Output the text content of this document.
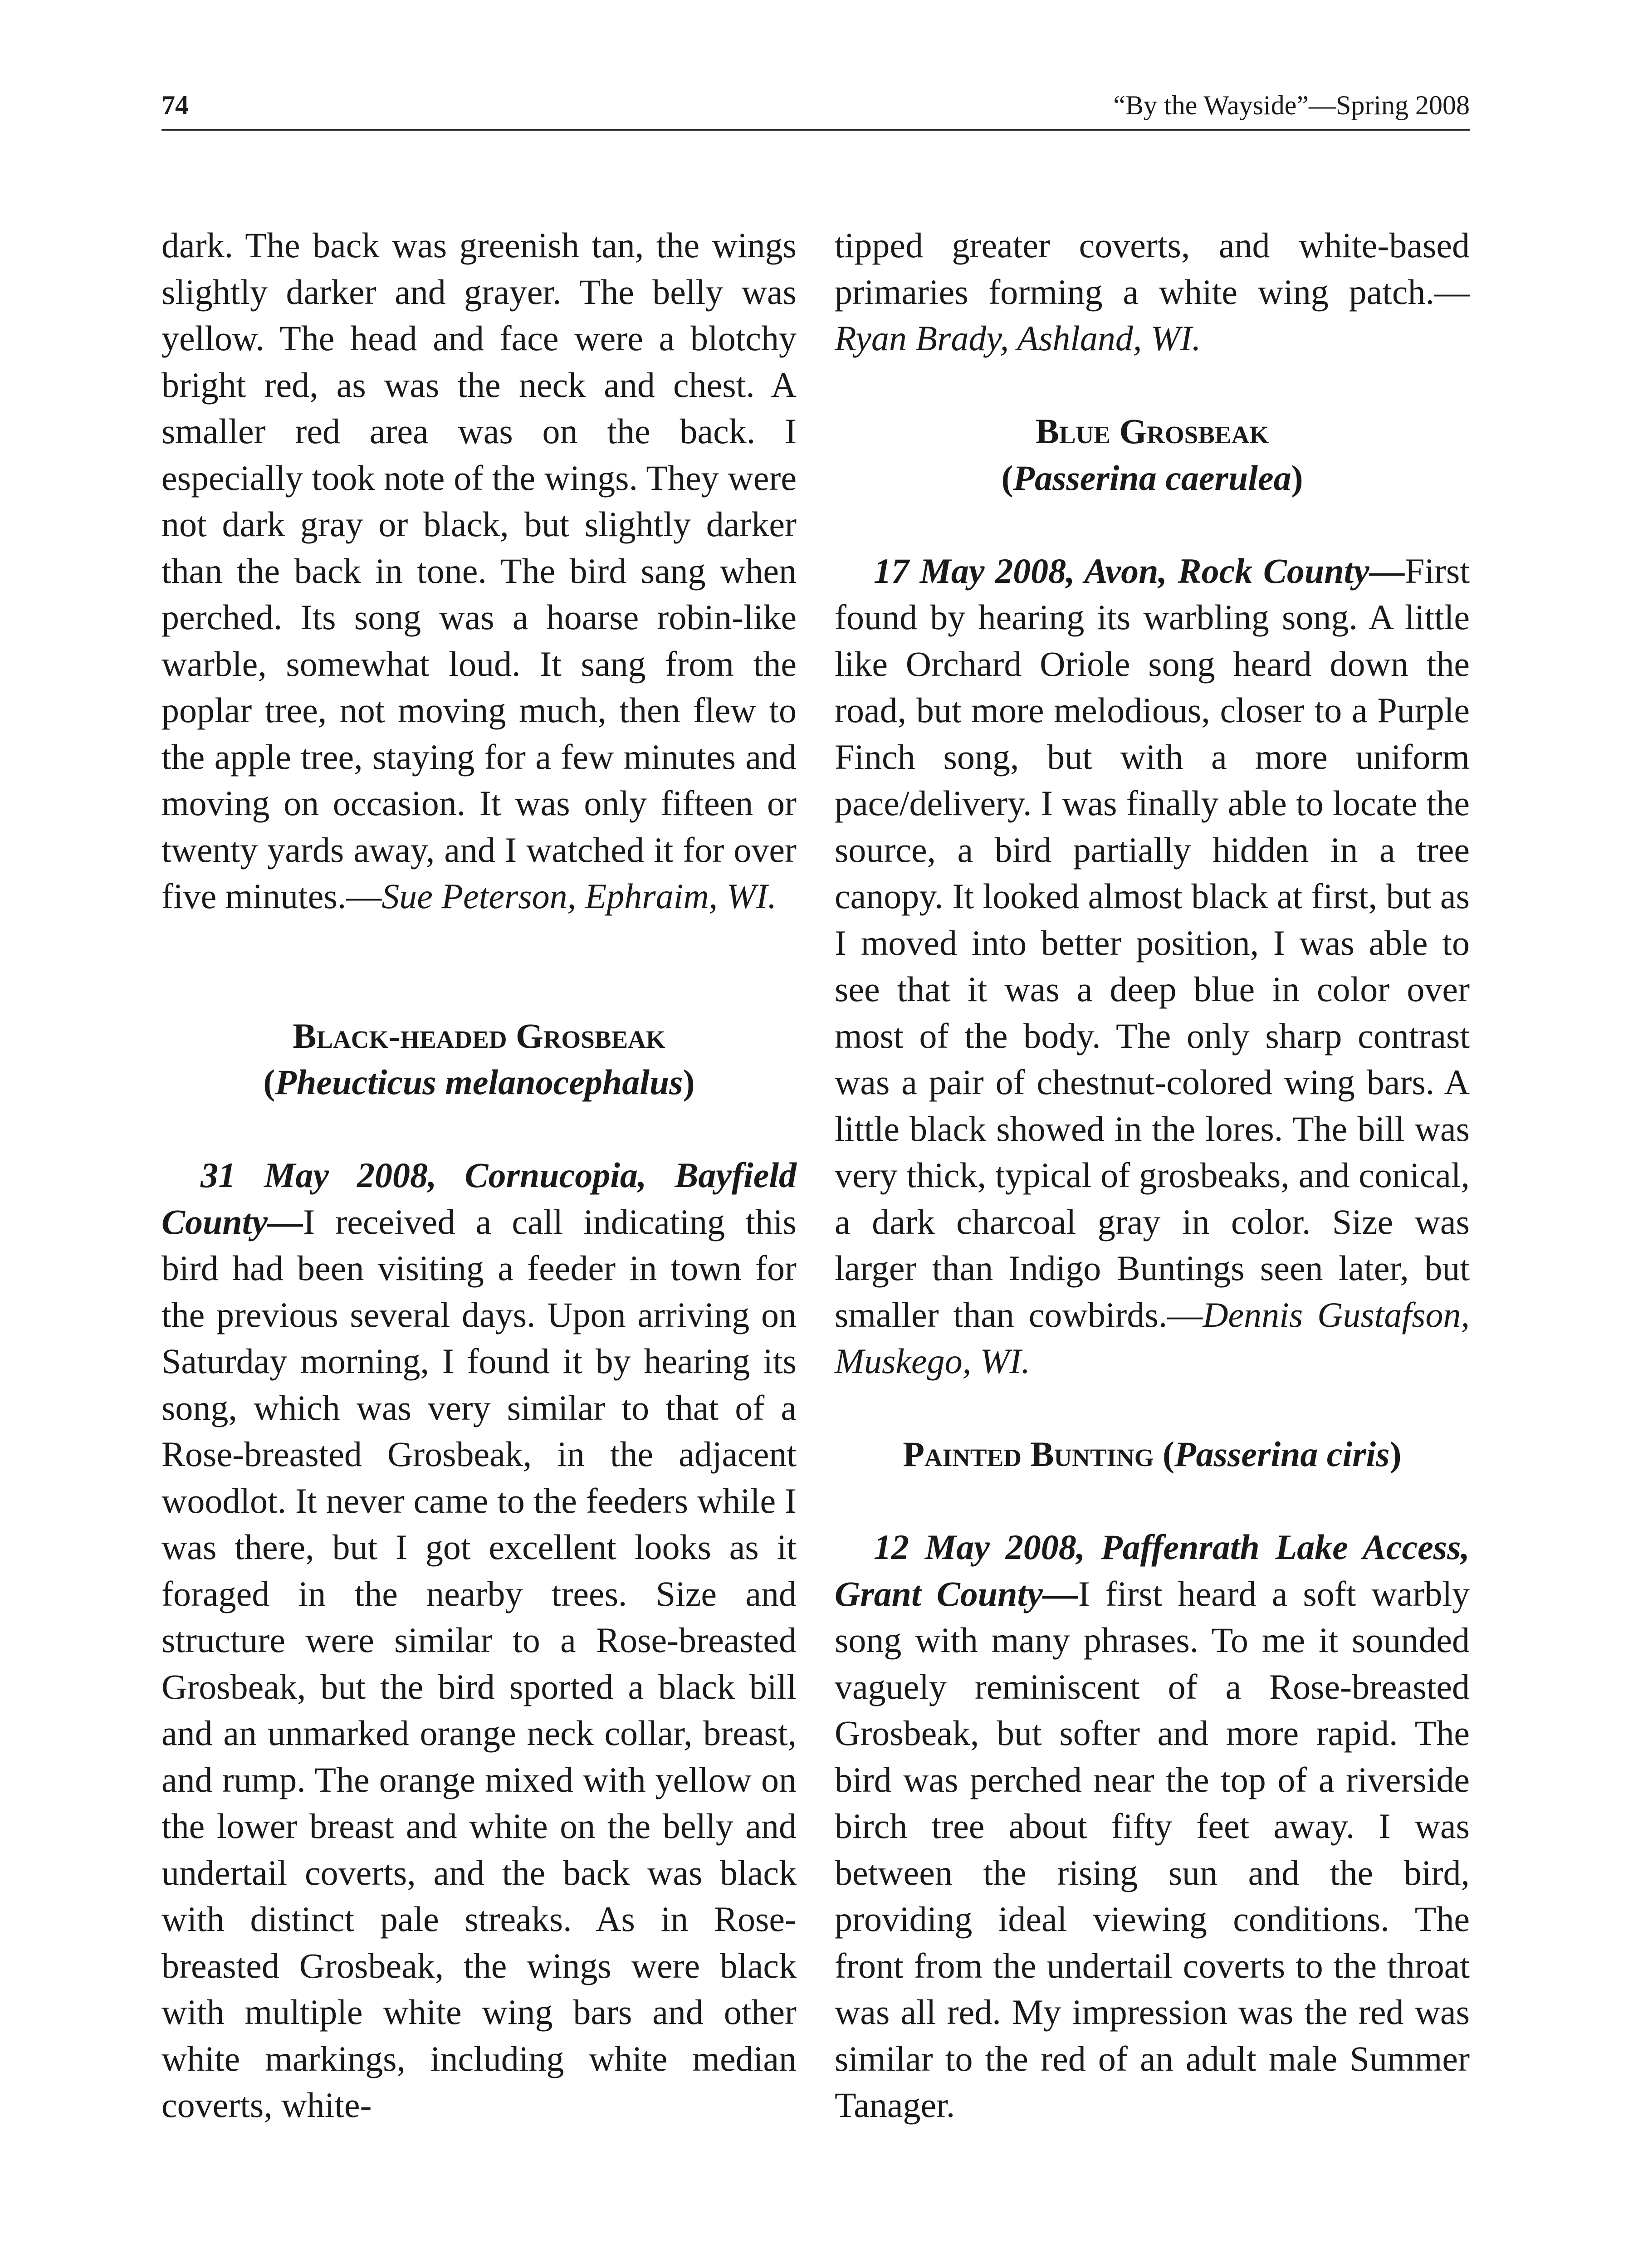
74	“By the Wayside”—Spring 2008

dark. The back was greenish tan, the wings slightly darker and grayer. The belly was yellow. The head and face were a blotchy bright red, as was the neck and chest. A smaller red area was on the back. I especially took note of the wings. They were not dark gray or black, but slightly darker than the back in tone. The bird sang when perched. Its song was a hoarse robin-like warble, somewhat loud. It sang from the poplar tree, not moving much, then flew to the apple tree, staying for a few minutes and moving on occasion. It was only fifteen or twenty yards away, and I watched it for over five minutes.—Sue Peterson, Ephraim, WI.

Black-headed Grosbeak

(Pheucticus melanocephalus)

31 May 2008, Cornucopia, Bayfield County—I received a call indicating this bird had been visiting a feeder in town for the previous several days. Upon arriving on Saturday morning, I found it by hearing its song, which was very similar to that of a Rose-breasted Grosbeak, in the adjacent woodlot. It never came to the feeders while I was there, but I got excellent looks as it foraged in the nearby trees. Size and structure were similar to a Rose-breasted Grosbeak, but the bird sported a black bill and an unmarked orange neck collar, breast, and rump. The orange mixed with yellow on the lower breast and white on the belly and undertail coverts, and the back was black with distinct pale streaks. As in Rose-breasted Grosbeak, the wings were black with multiple white wing bars and other white markings, including white median coverts, white-

tipped greater coverts, and white-based primaries forming a white wing patch.—Ryan Brady, Ashland, WI.

Blue Grosbeak

(Passerina caerulea)

17 May 2008, Avon, Rock County—First found by hearing its warbling song. A little like Orchard Oriole song heard down the road, but more melodious, closer to a Purple Finch song, but with a more uniform pace/delivery. I was finally able to locate the source, a bird partially hidden in a tree canopy. It looked almost black at first, but as I moved into better position, I was able to see that it was a deep blue in color over most of the body. The only sharp contrast was a pair of chestnut-colored wing bars. A little black showed in the lores. The bill was very thick, typical of grosbeaks, and conical, a dark charcoal gray in color. Size was larger than Indigo Buntings seen later, but smaller than cowbirds.—Dennis Gustafson, Muskego, WI.

Painted Bunting (Passerina ciris)

12 May 2008, Paffenrath Lake Access, Grant County—I first heard a soft warbly song with many phrases. To me it sounded vaguely reminiscent of a Rose-breasted Grosbeak, but softer and more rapid. The bird was perched near the top of a riverside birch tree about fifty feet away. I was between the rising sun and the bird, providing ideal viewing conditions. The front from the undertail coverts to the throat was all red. My impression was the red was similar to the red of an adult male Summer Tanager.
